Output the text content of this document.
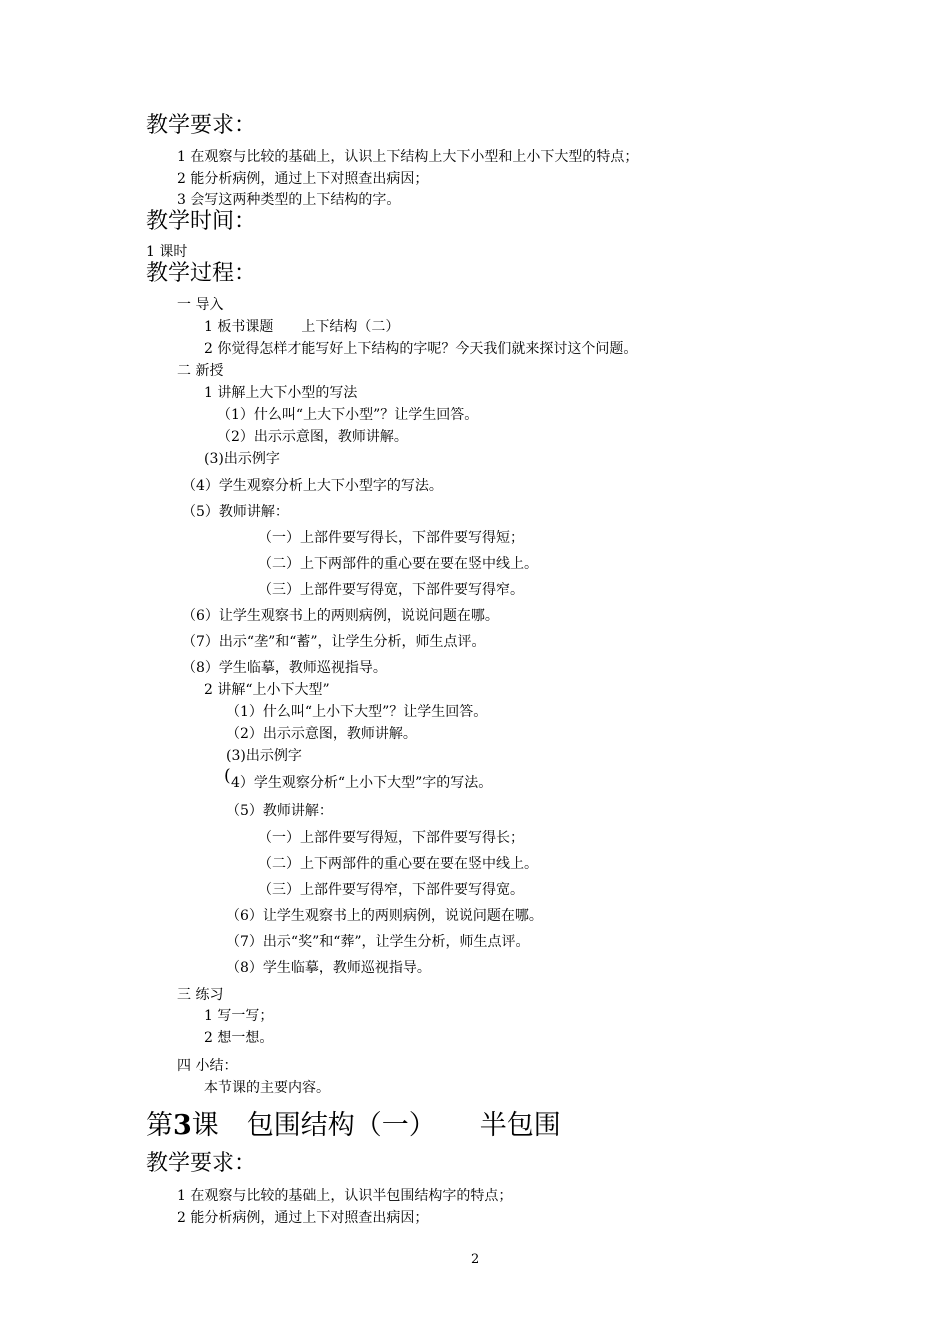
教学要求：
1 在观察与比较的基础上，认识上下结构上大下小型和上小下大型的特点；
2 能分析病例，通过上下对照查出病因；
3 会写这两种类型的上下结构的字。
教学时间：
1 课时
教学过程：
一 导入
1 板书课题 上下结构（二）
2 你觉得怎样才能写好上下结构的字呢？今天我们就来探讨这个问题。
二 新授
1 讲解上大下小型的写法
（1）什么叫“上大下小型”？让学生回答。
（2）出示示意图，教师讲解。
(3)出示例字
（4）学生观察分析上大下小型字的写法。
（5）教师讲解：
（一）上部件要写得长，下部件要写得短；
（二）上下两部件的重心要在要在竖中线上。
（三）上部件要写得宽，下部件要写得窄。
（6）让学生观察书上的两则病例，说说问题在哪。
（7）出示“垄”和“蓄”，让学生分析，师生点评。
（8）学生临摹，教师巡视指导。
2 讲解“上小下大型”
（1）什么叫“上小下大型”？让学生回答。
（2）出示示意图，教师讲解。
(3)出示例字
( 4）学生观察分析“上小下大型”字的写法。
（5）教师讲解：
（一）上部件要写得短，下部件要写得长；
（二）上下两部件的重心要在要在竖中线上。
（三）上部件要写得窄，下部件要写得宽。
（6）让学生观察书上的两则病例，说说问题在哪。
（7）出示“奖”和“葬”，让学生分析，师生点评。
（8）学生临摹，教师巡视指导。
三 练习
1 写一写；
2 想一想。
四 小结：
本节课的主要内容。
第3课 包围结构（一） 半包围
教学要求：
1 在观察与比较的基础上，认识半包围结构字的特点；
2 能分析病例，通过上下对照查出病因；
2
